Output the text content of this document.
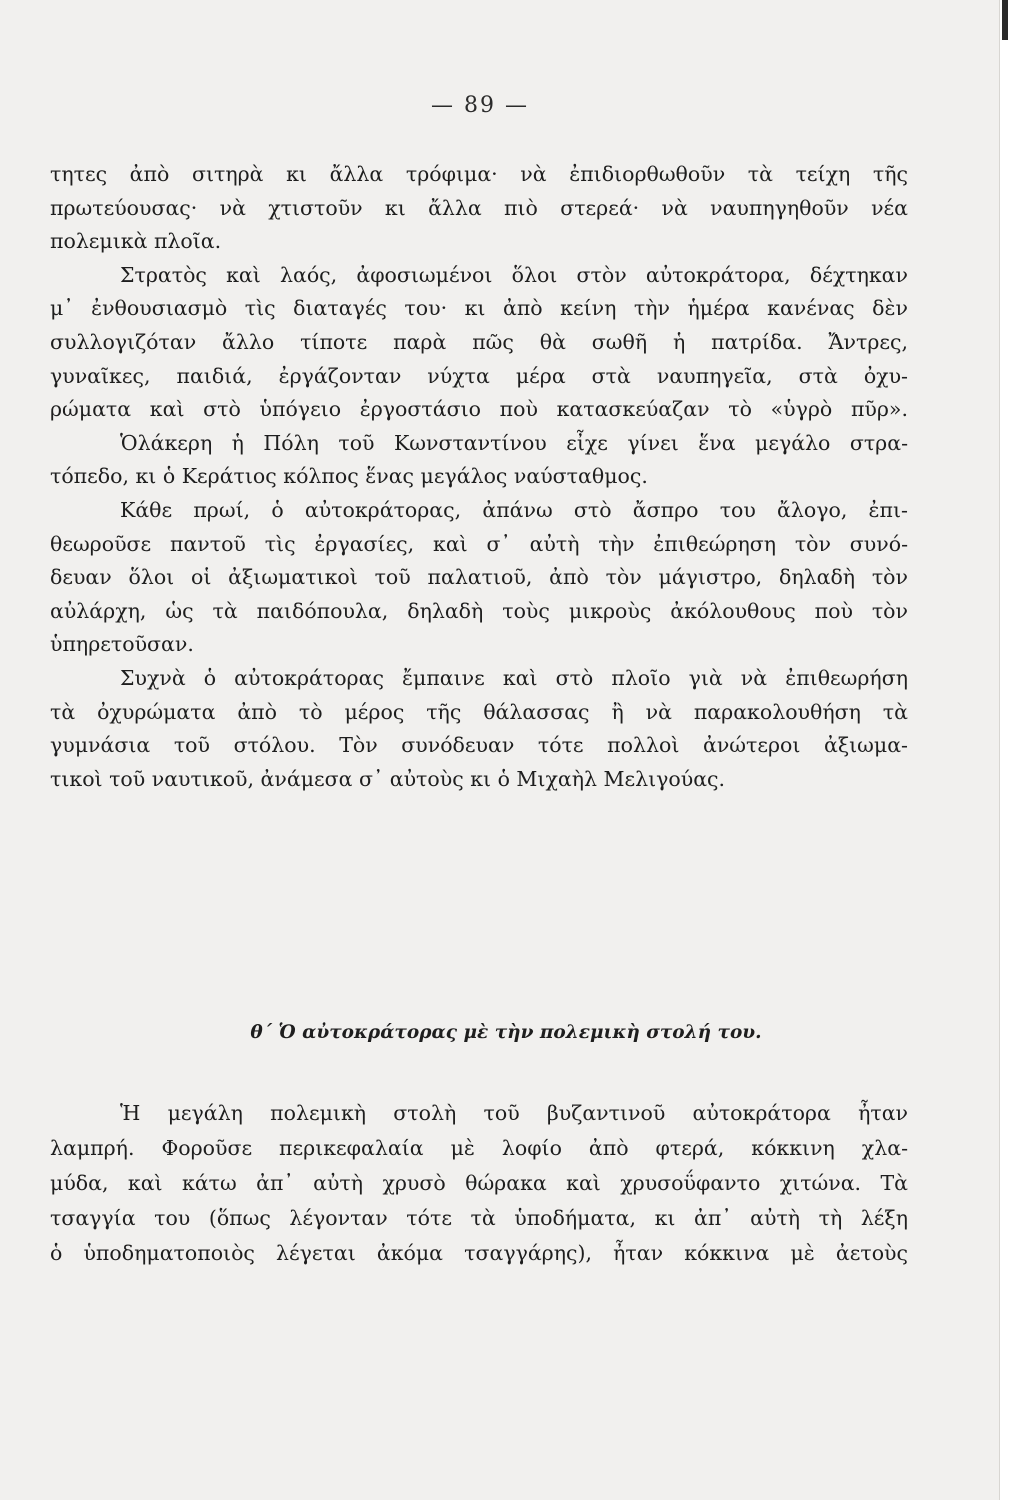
— 89 —
τητες ἀπὸ σιτηρὰ κι ἄλλα τρόφιμα· νὰ ἐπιδιορθωθοῦν τὰ τείχη τῆς
πρωτεύουσας· νὰ χτιστοῦν κι ἄλλα πιὸ στερεά· νὰ ναυπηγηθοῦν νέα
πολεμικὰ πλοῖα.
Στρατὸς καὶ λαός, ἀφοσιωμένοι ὅλοι στὸν αὐτοκράτορα, δέχτηκαν
μ᾿ ἐνθουσιασμὸ τὶς διαταγές του· κι ἀπὸ κείνη τὴν ἡμέρα κανένας δὲν
συλλογιζόταν ἄλλο τίποτε παρὰ πῶς θὰ σωθῆ ἡ πατρίδα. Ἄντρες,
γυναῖκες, παιδιά, ἐργάζονταν νύχτα μέρα στὰ ναυπηγεῖα, στὰ ὀχυ-
ρώματα καὶ στὸ ὑπόγειο ἐργοστάσιο ποὺ κατασκεύαζαν τὸ «ὑγρὸ πῦρ».
Ὁλάκερη ἡ Πόλη τοῦ Κωνσταντίνου εἶχε γίνει ἕνα μεγάλο στρα-
τόπεδο, κι ὁ Κεράτιος κόλπος ἕνας μεγάλος ναύσταθμος.
Κάθε πρωί, ὁ αὐτοκράτορας, ἀπάνω στὸ ἄσπρο του ἄλογο, ἐπι-
θεωροῦσε παντοῦ τὶς ἐργασίες, καὶ σ᾿ αὐτὴ τὴν ἐπιθεώρηση τὸν συνό-
δευαν ὅλοι οἱ ἀξιωματικοὶ τοῦ παλατιοῦ, ἀπὸ τὸν μάγιστρο, δηλαδὴ τὸν
αὐλάρχη, ὡς τὰ παιδόπουλα, δηλαδὴ τοὺς μικροὺς ἀκόλουθους ποὺ τὸν
ὑπηρετοῦσαν.
Συχνὰ ὁ αὐτοκράτορας ἔμπαινε καὶ στὸ πλοῖο γιὰ νὰ ἐπιθεωρήση
τὰ ὀχυρώματα ἀπὸ τὸ μέρος τῆς θάλασσας ἢ νὰ παρακολουθήση τὰ
γυμνάσια τοῦ στόλου. Τὸν συνόδευαν τότε πολλοὶ ἀνώτεροι ἀξιωμα-
τικοὶ τοῦ ναυτικοῦ, ἀνάμεσα σ᾿ αὐτοὺς κι ὁ Μιχαὴλ Μελιγούας.
θ΄ Ὁ αὐτοκράτορας μὲ τὴν πολεμικὴ στολή του.
Ἡ μεγάλη πολεμικὴ στολὴ τοῦ βυζαντινοῦ αὐτοκράτορα ἦταν
λαμπρή. Φοροῦσε περικεφαλαία μὲ λοφίο ἀπὸ φτερά, κόκκινη χλα-
μύδα, καὶ κάτω ἀπ᾿ αὐτὴ χρυσὸ θώρακα καὶ χρυσοΰφαντο χιτώνα. Τὰ
τσαγγία του (ὅπως λέγονταν τότε τὰ ὑποδήματα, κι ἀπ᾿ αὐτὴ τὴ λέξη
ὁ ὑποδηματοποιὸς λέγεται ἀκόμα τσαγγάρης), ἦταν κόκκινα μὲ ἀετοὺς
